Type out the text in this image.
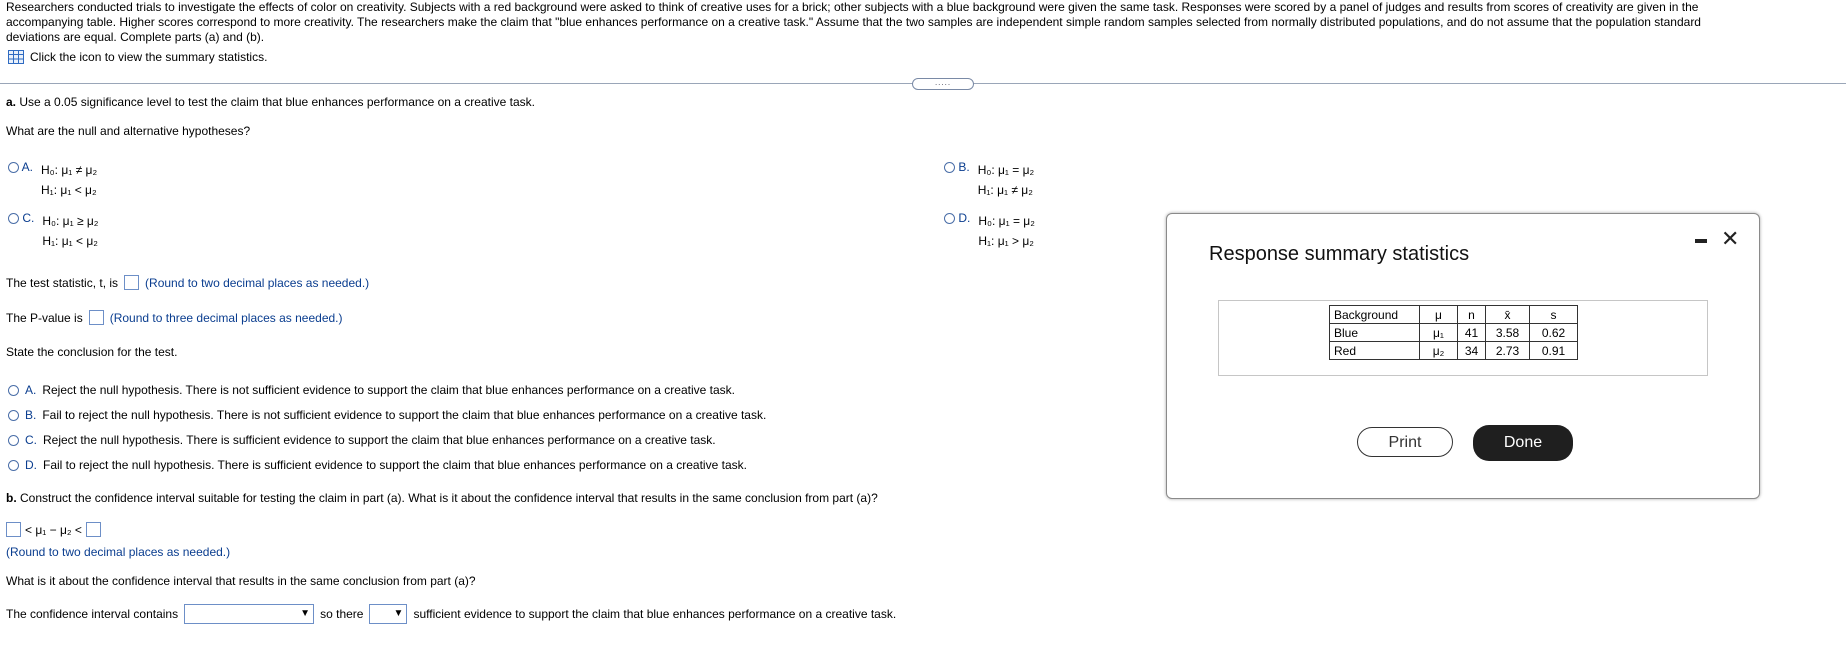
Researchers conducted trials to investigate the effects of color on creativity. Subjects with a red background were asked to think of creative uses for a brick; other subjects with a blue background were given the same task. Responses were scored by a panel of judges and results from scores of creativity are given in the
accompanying table. Higher scores correspond to more creativity. The researchers make the claim that "blue enhances performance on a creative task." Assume that the two samples are independent simple random samples selected from normally distributed populations, and do not assume that the population standard
deviations are equal. Complete parts (a) and (b).
Click the icon to view the summary statistics.
.....
a. Use a 0.05 significance level to test the claim that blue enhances performance on a creative task.
What are the null and alternative hypotheses?
A. H₀: μ₁ ≠ μ₂
H₁: μ₁ < μ₂
B. H₀: μ₁ = μ₂
H₁: μ₁ ≠ μ₂
C. H₀: μ₁ ≥ μ₂
H₁: μ₁ < μ₂
D. H₀: μ₁ = μ₂
H₁: μ₁ > μ₂
The test statistic, t, is (Round to two decimal places as needed.)
The P-value is (Round to three decimal places as needed.)
State the conclusion for the test.
A. Reject the null hypothesis. There is not sufficient evidence to support the claim that blue enhances performance on a creative task.
B. Fail to reject the null hypothesis. There is not sufficient evidence to support the claim that blue enhances performance on a creative task.
C. Reject the null hypothesis. There is sufficient evidence to support the claim that blue enhances performance on a creative task.
D. Fail to reject the null hypothesis. There is sufficient evidence to support the claim that blue enhances performance on a creative task.
b. Construct the confidence interval suitable for testing the claim in part (a). What is it about the confidence interval that results in the same conclusion from part (a)?
< μ₁ − μ₂ <
(Round to two decimal places as needed.)
What is it about the confidence interval that results in the same conclusion from part (a)?
The confidence interval contains	▼ so there	▼ sufficient evidence to support the claim that blue enhances performance on a creative task.
Response summary statistics
✕
Background	μ	n	x̄	s
Blue	μ₁	41	3.58	0.62
Red	μ₂	34	2.73	0.91
Print	Done
